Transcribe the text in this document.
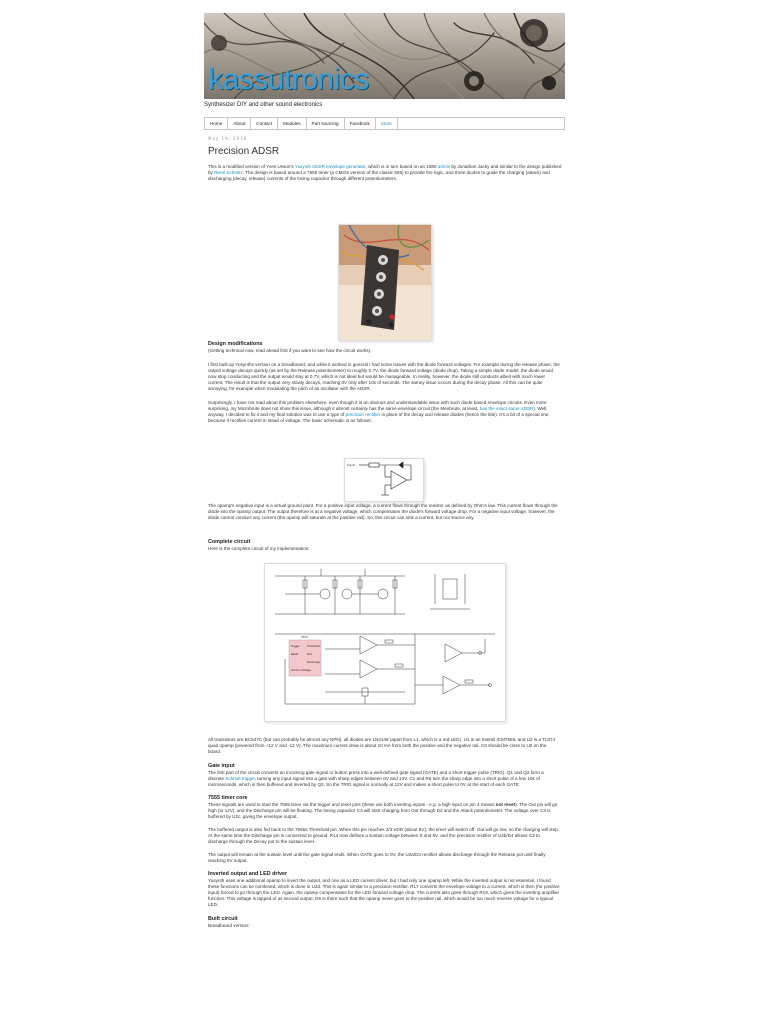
kassutronics
Synthesizer DIY and other sound electronics
Home	About	Contact	Modules	Part sourcing	Facebook	Store
May 19, 2016
Precision ADSR

This is a modified version of Yves Usson's Yusynth ADSR envelope generator, which is in turn based on an 1980 article by Jonathan Jacky and similar to the design published by René Schmitz. The design is based around a 7555 timer (a CMOS version of the classic 555) to provide the logic, and three diodes to guide the charging (attack) and discharging (decay, release) currents of the timing capacitor through different potentiometers.

Design modifications

(Getting technical now, read ahead first if you want to see how the circuit works).

I first built up Yusynths version on a breadboard, and while it worked in general I had some issues with the diode forward voltages. For example during the release phase, the output voltage decays quickly (as set by the Release potentiometer) to roughly 0.7V, the diode forward voltage (diode drop). Taking a simple diode model, the diode would now stop conducting and the output would stay at 0.7V, which is not ideal but would be manageable. In reality, however, the diode still conducts albeit with much lower current. The result is that the output very slowly decays, reaching 0V only after 10s of seconds. The samey issue occurs during the decay phase. All this can be quite annoying, for example when modulating the pitch of an oscillator with the ADSR.

Surprisingly, I have not read about this problem elsewhere, even though it is an obvious and understandable issue with such diode based envelope circuits. Even more surprising, my Microbrute does not show this issue, although it almost certainly has the same envelope circuit (the Menbrute, at least, has the exact same ADSR). Well, anyway, I decided to fix it and my final solution was to use a type of precision rectifier in place of the decay and release diodes (hence the title). It's a bit of a special one, because it rectifies current in stead of voltage. The basic schematic is as follows:

Input

The opamp's negative input is a virtual ground point. For a positive input voltage, a current flows through the resistor as defined by Ohm's law. This current flows through the diode into the opamp output. The output therefore is at a negative voltage, which compensates the diode's forward voltage drop. For a negative input voltage, however, the diode cannot conduct any current (the opamp will saturate at the positive rail). So, this circuit can sink a current, but not source any.

Complete circuit

Here is the complete circuit of my implementation:

7555
Trigger
Reset
Threshold
Out
Discharge
Control Voltage

All transistors are BC547C (but can probably be almost any NPN), all diodes are 1N4148 (apart from L1, which is a red LED). U1 is an Intersil ICM7555, and U2 is a TL074 quad opamp (powered from +12 V and -12 V). The maximum current draw is about 10 mA from both the positive and the negative rail. C6 should be close to U2 on the board.

Gate input

The first part of the circuit converts an incoming gate signal or button press into a well-defined gate signal (GATE) and a short trigger pulse (TRIG). Q1 and Q2 form a discrete Schmitt trigger, turning any input signal into a gate with sharp edges between 0V and 12V. C1 and R6 turn the sharp edge into a short pulse of a few 10s of microseconds, which is then buffered and inverted by Q3. So the TRIG signal is normally at 12V and makes a short pulse to 0V at the start of each GATE.

7555 timer core

These signals are used to start the 7555 timer via the trigger and reset pins (these are both inverting inputs - e.g. a high input on pin 4 means not reset). The Out pin will go high (to 12V), and the Discharge pin will be floating. The timing capacitor C3 will start charging from Out through D2 and the Attack potentiometer. The voltage over C3 is buffered by U2c, giving the envelope output.

The buffered output is also fed back to the 7555s Threshold pin. When this pin reaches 2/3 VDD (about 8V), the timer will switch off. Out will go low, so the charging will stop. At the same time the Discharge pin is connected to ground. R14 now defines a sustain voltage between 0 and 8V, and the precision rectifier of U2b/D4 allows C3 to discharge through the Decay pot to the sustain level.

The output will remain at the sustain level until the gate signal ends. When GATE goes to 0V, the U2a/D3 rectifier allows discharge through the Release pot until finally reaching 0V output.

Inverted output and LED driver

Yusynth uses one additional opamp to invert the output, and one as a LED current driver, but I had only one opamp left. While the inverted output is not essential, I found these functions can be combined, which is done in U2d. This is again similar to a precision rectifier. R17 converts the envelope voltage to a current, which is then (for positive input) forced to go through the LED. Again, the opamp compensates for the LED forward voltage drop. The current also goes through R19, which gives the inverting amplifier function. This voltage is tapped of as second output. D6 is there such that the opamp never goes to the positive rail, which would be too much reverse voltage for a typical LED.

Built circuit

Breadboard version:
